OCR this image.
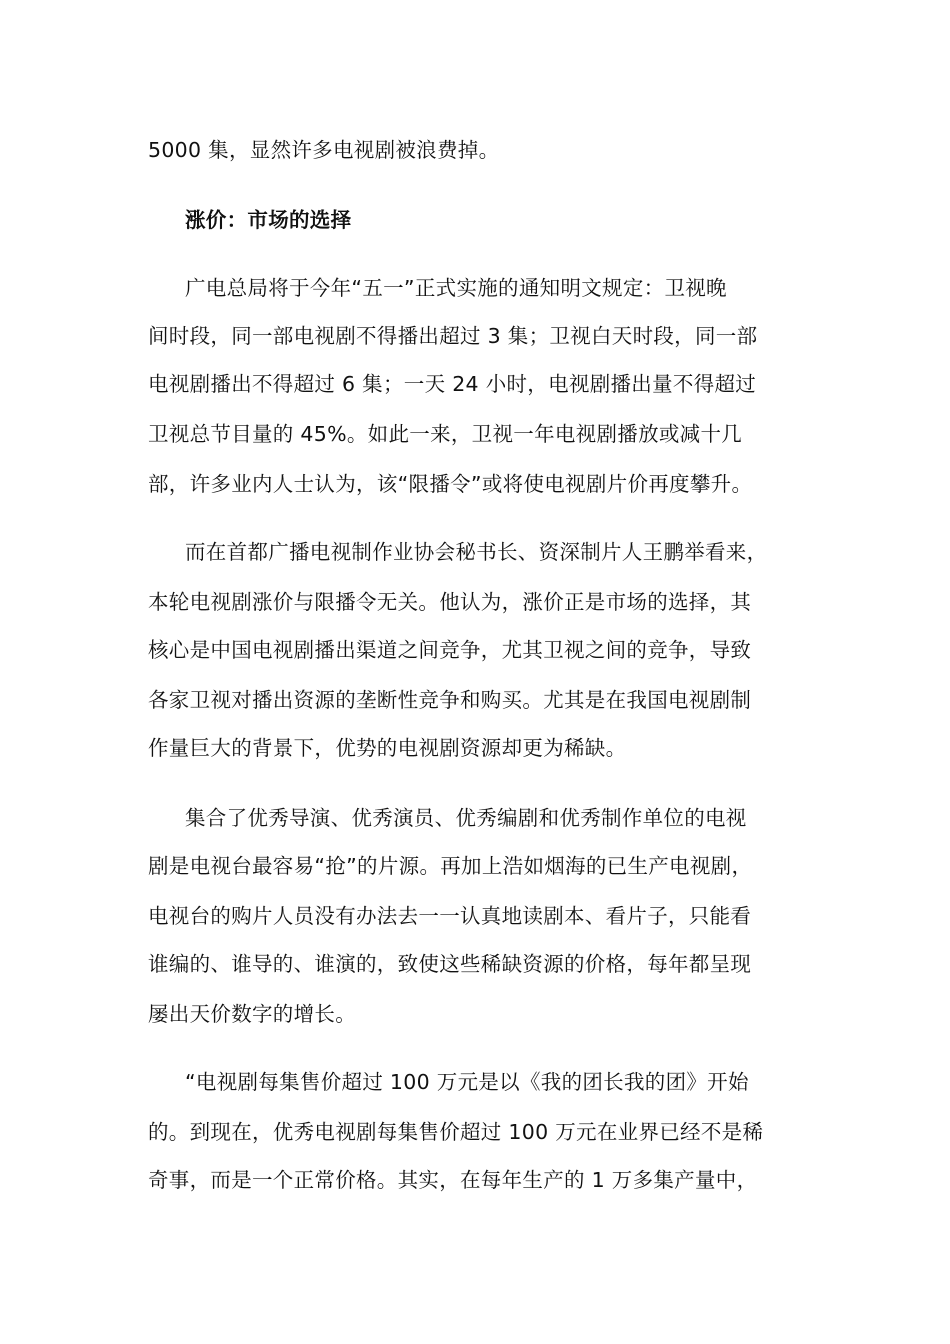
5000 集，显然许多电视剧被浪费掉。
涨价：市场的选择
广电总局将于今年“五一”正式实施的通知明文规定：卫视晚
间时段，同一部电视剧不得播出超过 3 集；卫视白天时段，同一部
电视剧播出不得超过 6 集；一天 24 小时，电视剧播出量不得超过
卫视总节目量的 45%。如此一来，卫视一年电视剧播放或减十几
部，许多业内人士认为，该“限播令”或将使电视剧片价再度攀升。
而在首都广播电视制作业协会秘书长、资深制片人王鹏举看来，
本轮电视剧涨价与限播令无关。他认为，涨价正是市场的选择，其
核心是中国电视剧播出渠道之间竞争，尤其卫视之间的竞争，导致
各家卫视对播出资源的垄断性竞争和购买。尤其是在我国电视剧制
作量巨大的背景下，优势的电视剧资源却更为稀缺。
集合了优秀导演、优秀演员、优秀编剧和优秀制作单位的电视
剧是电视台最容易“抢”的片源。再加上浩如烟海的已生产电视剧，
电视台的购片人员没有办法去一一认真地读剧本、看片子，只能看
谁编的、谁导的、谁演的，致使这些稀缺资源的价格，每年都呈现
屡出天价数字的增长。
“电视剧每集售价超过 100 万元是以《我的团长我的团》开始
的。到现在，优秀电视剧每集售价超过 100 万元在业界已经不是稀
奇事，而是一个正常价格。其实，在每年生产的 1 万多集产量中，
